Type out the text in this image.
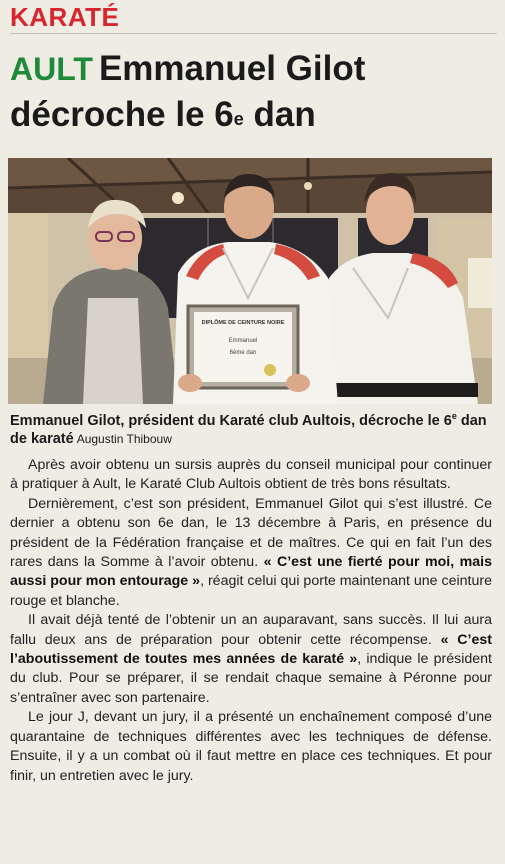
KARATÉ
AULT Emmanuel Gilot
décroche le 6e dan
DIPLÔME DE CEINTURE NOIRE
Emmanuel
6ème dan
Emmanuel Gilot, président du Karaté club Aultois, décroche le 6e dan de karaté Augustin Thibouw

Après avoir obtenu un sursis auprès du conseil municipal pour continuer à pratiquer à Ault, le Karaté Club Aultois obtient de très bons résultats.

Dernièrement, c’est son président, Emmanuel Gilot qui s’est illustré. Ce dernier a obtenu son 6e dan, le 13 décembre à Paris, en présence du président de la Fédération française et de maîtres. Ce qui en fait l’un des rares dans la Somme à l’avoir obtenu. « C’est une fierté pour moi, mais aussi pour mon entourage », réagit celui qui porte maintenant une ceinture rouge et blanche.

Il avait déjà tenté de l’obtenir un an auparavant, sans succès. Il lui aura fallu deux ans de préparation pour obtenir cette récompense. « C’est l’aboutissement de toutes mes années de karaté », indique le président du club. Pour se préparer, il se rendait chaque semaine à Péronne pour s’entraîner avec son partenaire.

Le jour J, devant un jury, il a présenté un enchaînement composé d’une quarantaine de techniques différentes avec les techniques de défense. Ensuite, il y a un combat où il faut mettre en place ces techniques. Et pour finir, un entretien avec le jury.
